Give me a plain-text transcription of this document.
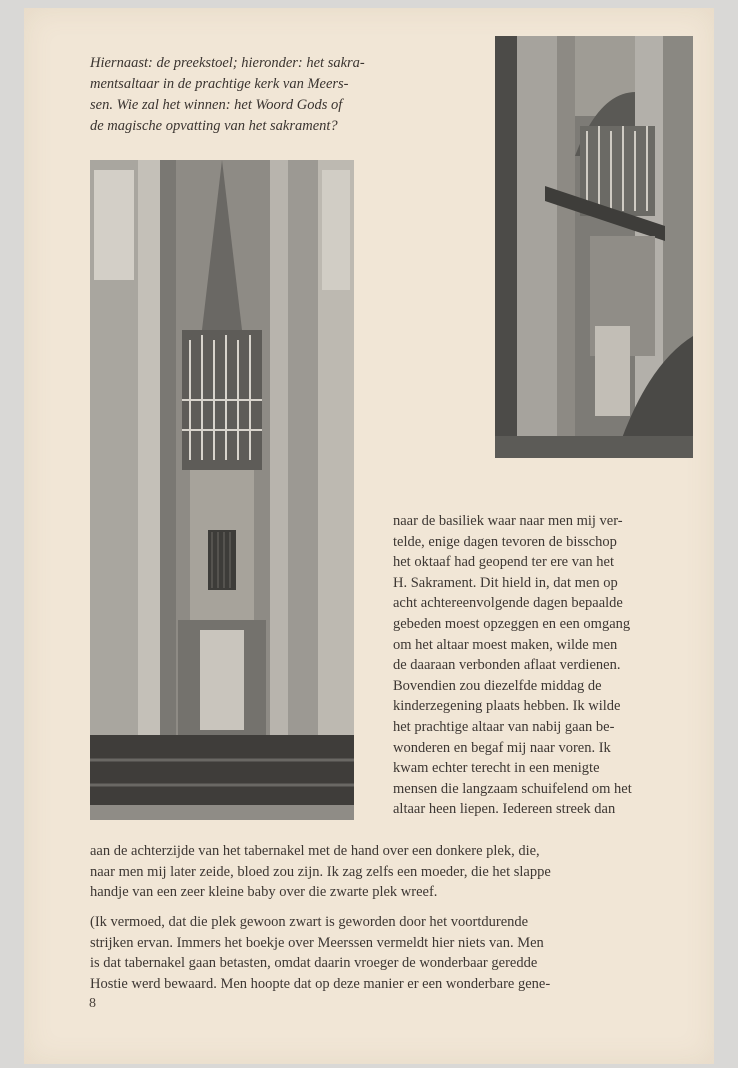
Hiernaast: de preekstoel; hieronder: het sakra-
mentsaltaar in de prachtige kerk van Meers-
sen. Wie zal het winnen: het Woord Gods of
de magische opvatting van het sakrament?

naar de basiliek waar naar men mij ver-
telde, enige dagen tevoren de bisschop
het oktaaf had geopend ter ere van het
H. Sakrament. Dit hield in, dat men op
acht achtereenvolgende dagen bepaalde
gebeden moest opzeggen en een omgang
om het altaar moest maken, wilde men
de daaraan verbonden aflaat verdienen.
Bovendien zou diezelfde middag de
kinderzegening plaats hebben. Ik wilde
het prachtige altaar van nabij gaan be-
wonderen en begaf mij naar voren. Ik
kwam echter terecht in een menigte
mensen die langzaam schuifelend om het
altaar heen liepen. Iedereen streek dan

aan de achterzijde van het tabernakel met de hand over een donkere plek, die,
naar men mij later zeide, bloed zou zijn. Ik zag zelfs een moeder, die het slappe
handje van een zeer kleine baby over die zwarte plek wreef.

(Ik vermoed, dat die plek gewoon zwart is geworden door het voortdurende
strijken ervan. Immers het boekje over Meerssen vermeldt hier niets van. Men
is dat tabernakel gaan betasten, omdat daarin vroeger de wonderbaar geredde
Hostie werd bewaard. Men hoopte dat op deze manier er een wonderbare gene-

8
